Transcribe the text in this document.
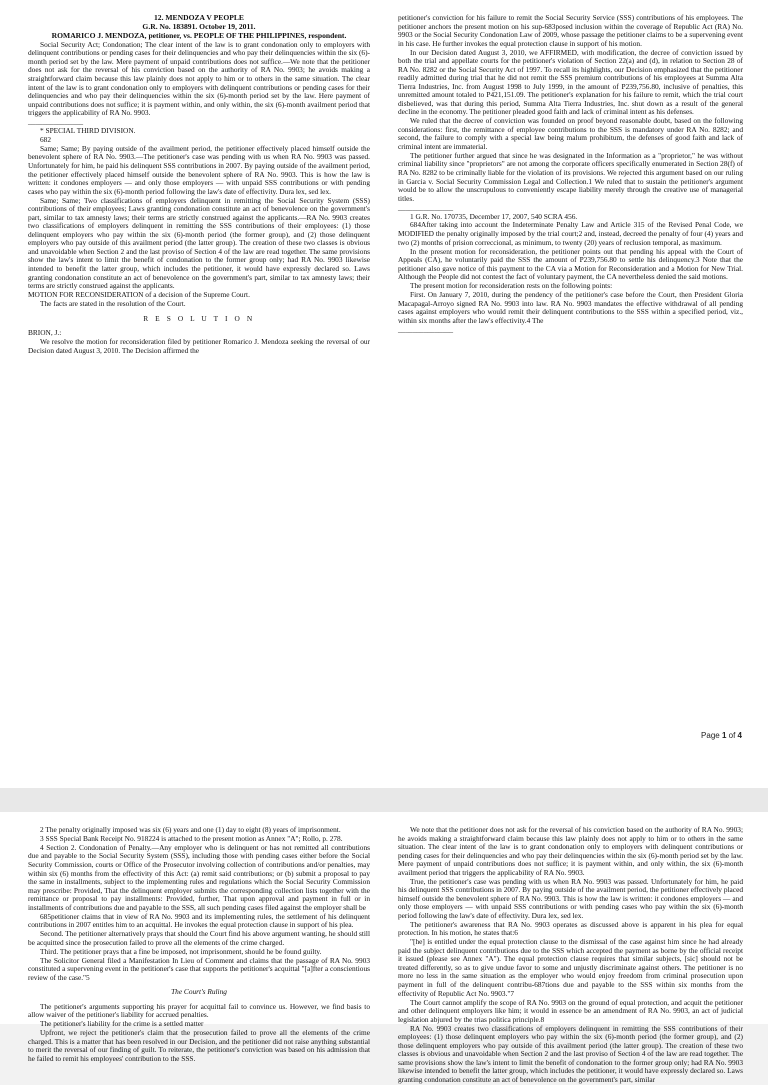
12. MENDOZA V PEOPLE

G.R. No. 183891. October 19, 2011.

ROMARICO J. MENDOZA, petitioner, vs. PEOPLE OF THE PHILIPPINES, respondent.

Social Security Act; Condonation; The clear intent of the law is to grant condonation only to employers with delinquent contributions or pending cases for their delinquencies and who pay their delinquencies within the six (6)-month period set by the law. Mere payment of unpaid contributions does not suffice.—We note that the petitioner does not ask for the reversal of his conviction based on the authority of RA No. 9903; he avoids making a straightforward claim because this law plainly does not apply to him or to others in the same situation. The clear intent of the law is to grant condonation only to employers with delinquent contributions or pending cases for their delinquencies and who pay their delinquencies within the six (6)-month period set by the law. Here payment of unpaid contributions does not suffice; it is payment within, and only within, the six (6)-month availment period that triggers the applicability of RA No. 9903.

_______________

* SPECIAL THIRD DIVISION.

682

Same; Same; By paying outside of the availment period, the petitioner effectively placed himself outside the benevolent sphere of RA No. 9903.—The petitioner's case was pending with us when RA No. 9903 was passed. Unfortunately for him, he paid his delinquent SSS contributions in 2007. By paying outside of the availment period, the petitioner effectively placed himself outside the benevolent sphere of RA No. 9903. This is how the law is written: it condones employers — and only those employers — with unpaid SSS contributions or with pending cases who pay within the six (6)-month period following the law's date of effectivity. Dura lex, sed lex.

Same; Same; Two classifications of employers delinquent in remitting the Social Security System (SSS) contributions of their employees; Laws granting condonation constitute an act of benevolence on the government's part, similar to tax amnesty laws; their terms are strictly construed against the applicants.—RA No. 9903 creates two classifications of employers delinquent in remitting the SSS contributions of their employees: (1) those delinquent employers who pay within the six (6)-month period (the former group), and (2) those delinquent employers who pay outside of this availment period (the latter group). The creation of these two classes is obvious and unavoidable when Section 2 and the last proviso of Section 4 of the law are read together. The same provisions show the law's intent to limit the benefit of condonation to the former group only; had RA No. 9903 likewise intended to benefit the latter group, which includes the petitioner, it would have expressly declared so. Laws granting condonation constitute an act of benevolence on the government's part, similar to tax amnesty laws; their terms are strictly construed against the applicants.

MOTION FOR RECONSIDERATION of a decision of the Supreme Court.

The facts are stated in the resolution of the Court.

R E S O L U T I O N

BRION, J.:

We resolve the motion for reconsideration filed by petitioner Romarico J. Mendoza seeking the reversal of our Decision dated August 3, 2010. The Decision affirmed the

petitioner's conviction for his failure to remit the Social Security Service (SSS) contributions of his employees. The petitioner anchors the present motion on his sup-683posed inclusion within the coverage of Republic Act (RA) No. 9903 or the Social Security Condonation Law of 2009, whose passage the petitioner claims to be a supervening event in his case. He further invokes the equal protection clause in support of his motion.

In our Decision dated August 3, 2010, we AFFIRMED, with modification, the decree of conviction issued by both the trial and appellate courts for the petitioner's violation of Section 22(a) and (d), in relation to Section 28 of RA No. 8282 or the Social Security Act of 1997. To recall its highlights, our Decision emphasized that the petitioner readily admitted during trial that he did not remit the SSS premium contributions of his employees at Summa Alta Tierra Industries, Inc. from August 1998 to July 1999, in the amount of P239,756.80, inclusive of penalties, this unremitted amount totaled to P421,151.09. The petitioner's explanation for his failure to remit, which the trial court disbelieved, was that during this period, Summa Alta Tierra Industries, Inc. shut down as a result of the general decline in the economy. The petitioner pleaded good faith and lack of criminal intent as his defenses.

We ruled that the decree of conviction was founded on proof beyond reasonable doubt, based on the following considerations: first, the remittance of employee contributions to the SSS is mandatory under RA No. 8282; and second, the failure to comply with a special law being malum prohibitum, the defenses of good faith and lack of criminal intent are immaterial.

The petitioner further argued that since he was designated in the Information as a "proprietor," he was without criminal liability since "proprietors" are not among the corporate officers specifically enumerated in Section 28(f) of RA No. 8282 to be criminally liable for the violation of its provisions. We rejected this argument based on our ruling in Garcia v. Social Security Commission Legal and Collection.1 We ruled that to sustain the petitioner's argument would be to allow the unscrupulous to conveniently escape liability merely through the creative use of managerial titles.

_______________

1 G.R. No. 170735, December 17, 2007, 540 SCRA 456.

684After taking into account the Indeterminate Penalty Law and Article 315 of the Revised Penal Code, we MODIFIED the penalty originally imposed by the trial court;2 and, instead, decreed the penalty of four (4) years and two (2) months of prision correccional, as minimum, to twenty (20) years of reclusion temporal, as maximum.

In the present motion for reconsideration, the petitioner points out that pending his appeal with the Court of Appeals (CA), he voluntarily paid the SSS the amount of P239,756.80 to settle his delinquency.3 Note that the petitioner also gave notice of this payment to the CA via a Motion for Reconsideration and a Motion for New Trial. Although the People did not contest the fact of voluntary payment, the CA nevertheless denied the said motions.

The present motion for reconsideration rests on the following points:

First. On January 7, 2010, during the pendency of the petitioner's case before the Court, then President Gloria Macapagal-Arroyo signed RA No. 9903 into law. RA No. 9903 mandates the effective withdrawal of all pending cases against employers who would remit their delinquent contributions to the SSS within a specified period, viz., within six months after the law's effectivity.4 The

_______________

Page 1 of 4

2 The penalty originally imposed was six (6) years and one (1) day to eight (8) years of imprisonment.

3 SSS Special Bank Receipt No. 918224 is attached to the present motion as Annex "A"; Rollo, p. 278.

4 Section 2. Condonation of Penalty.—Any employer who is delinquent or has not remitted all contributions due and payable to the Social Security System (SSS), including those with pending cases either before the Social Security Commission, courts or Office of the Prosecutor involving collection of contributions and/or penalties, may within six (6) months from the effectivity of this Act: (a) remit said contributions; or (b) submit a proposal to pay the same in installments, subject to the implementing rules and regulations which the Social Security Commission may prescribe: Provided, That the delinquent employer submits the corresponding collection lists together with the remittance or proposal to pay installments: Provided, further, That upon approval and payment in full or in installments of contributions due and payable to the SSS, all such pending cases filed against the employer shall be

685petitioner claims that in view of RA No. 9903 and its implementing rules, the settlement of his delinquent contributions in 2007 entitles him to an acquittal. He invokes the equal protection clause in support of his plea.

Second. The petitioner alternatively prays that should the Court find his above argument wanting, he should still be acquitted since the prosecution failed to prove all the elements of the crime charged.

Third. The petitioner prays that a fine be imposed, not imprisonment, should he be found guilty.

The Solicitor General filed a Manifestation In Lieu of Comment and claims that the passage of RA No. 9903 constituted a supervening event in the petitioner's case that supports the petitioner's acquittal "[a]fter a conscientious review of the case."5

The Court's Ruling

The petitioner's arguments supporting his prayer for acquittal fail to convince us. However, we find basis to allow waiver of the petitioner's liability for accrued penalties.

The petitioner's liability for the crime is a settled matter

Upfront, we reject the petitioner's claim that the prosecution failed to prove all the elements of the crime charged. This is a matter that has been resolved in our Decision, and the petitioner did not raise anything substantial to merit the reversal of our finding of guilt. To reiterate, the petitioner's conviction was based on his admission that he failed to remit his employees' contribution to the SSS.

We note that the petitioner does not ask for the reversal of his conviction based on the authority of RA No. 9903; he avoids making a straightforward claim because this law plainly does not apply to him or to others in the same situation. The clear intent of the law is to grant condonation only to employers with delinquent contributions or pending cases for their delinquencies and who pay their delinquencies within the six (6)-month period set by the law. Mere payment of unpaid contributions does not suffice; it is payment within, and only within, the six (6)-month availment period that triggers the applicability of RA No. 9903.

True, the petitioner's case was pending with us when RA No. 9903 was passed. Unfortunately for him, he paid his delinquent SSS contributions in 2007. By paying outside of the availment period, the petitioner effectively placed himself outside the benevolent sphere of RA No. 9903. This is how the law is written: it condones employers — and only those employers — with unpaid SSS contributions or with pending cases who pay within the six (6)-month period following the law's date of effectivity. Dura lex, sed lex.

The petitioner's awareness that RA No. 9903 operates as discussed above is apparent in his plea for equal protection. In his motion, he states that:6

"[he] is entitled under the equal protection clause to the dismissal of the case against him since he had already paid the subject delinquent contributions due to the SSS which accepted the payment as borne by the official receipt it issued (please see Annex "A"). The equal protection clause requires that similar subjects, [sic] should not be treated differently, so as to give undue favor to some and unjustly discriminate against others. The petitioner is no more no less in the same situation as the employer who would enjoy freedom from criminal prosecution upon payment in full of the delinquent contribu-687tions due and payable to the SSS within six months from the effectivity of Republic Act No. 9903."7

The Court cannot amplify the scope of RA No. 9903 on the ground of equal protection, and acquit the petitioner and other delinquent employers like him; it would in essence be an amendment of RA No. 9903, an act of judicial legislation abjured by the trias politica principle.8

RA No. 9903 creates two classifications of employers delinquent in remitting the SSS contributions of their employees: (1) those delinquent employers who pay within the six (6)-month period (the former group), and (2) those delinquent employers who pay outside of this availment period (the latter group). The creation of these two classes is obvious and unavoidable when Section 2 and the last proviso of Section 4 of the law are read together. The same provisions show the law's intent to limit the benefit of condonation to the former group only; had RA No. 9903 likewise intended to benefit the latter group, which includes the petitioner, it would have expressly declared so. Laws granting condonation constitute an act of benevolence on the government's part, similar
